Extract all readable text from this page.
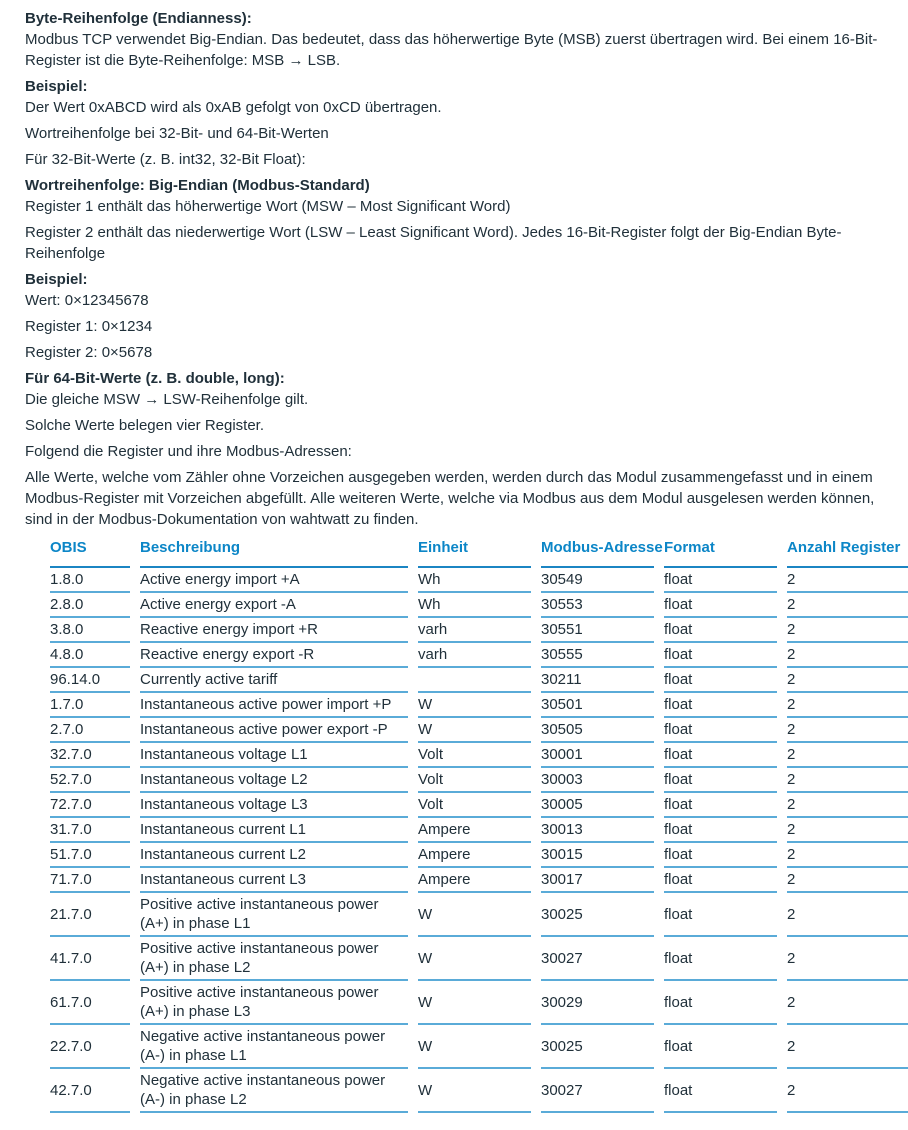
Byte-Reihenfolge (Endianness):
Modbus TCP verwendet Big-Endian. Das bedeutet, dass das höherwertige Byte (MSB) zuerst übertragen wird. Bei einem 16-Bit-Register ist die Byte-Reihenfolge: MSB → LSB.

Beispiel:
Der Wert 0xABCD wird als 0xAB gefolgt von 0xCD übertragen.

Wortreihenfolge bei 32-Bit- und 64-Bit-Werten

Für 32-Bit-Werte (z. B. int32, 32-Bit Float):

Wortreihenfolge: Big-Endian (Modbus-Standard)
Register 1 enthält das höherwertige Wort (MSW – Most Significant Word)

Register 2 enthält das niederwertige Wort (LSW – Least Significant Word). Jedes 16-Bit-Register folgt der Big-Endian Byte-Reihenfolge

Beispiel:
Wert: 0×12345678

Register 1: 0×1234

Register 2: 0×5678

Für 64-Bit-Werte (z. B. double, long):
Die gleiche MSW → LSW-Reihenfolge gilt.

Solche Werte belegen vier Register.

Folgend die Register und ihre Modbus-Adressen:

Alle Werte, welche vom Zähler ohne Vorzeichen ausgegeben werden, werden durch das Modul zusammengefasst und in einem Modbus-Register mit Vorzeichen abgefüllt. Alle weiteren Werte, welche via Modbus aus dem Modul ausgelesen werden können, sind in der Modbus-Dokumentation von wahtwatt zu finden.

OBIS	Beschreibung	Einheit	Modbus-Adresse	Format	Anzahl Register
1.8.0	Active energy import +A	Wh	30549	float	2
2.8.0	Active energy export -A	Wh	30553	float	2
3.8.0	Reactive energy import +R	varh	30551	float	2
4.8.0	Reactive energy export -R	varh	30555	float	2
96.14.0	Currently active tariff		30211	float	2
1.7.0	Instantaneous active power import +P	W	30501	float	2
2.7.0	Instantaneous active power export -P	W	30505	float	2
32.7.0	Instantaneous voltage L1	Volt	30001	float	2
52.7.0	Instantaneous voltage L2	Volt	30003	float	2
72.7.0	Instantaneous voltage L3	Volt	30005	float	2
31.7.0	Instantaneous current L1	Ampere	30013	float	2
51.7.0	Instantaneous current L2	Ampere	30015	float	2
71.7.0	Instantaneous current L3	Ampere	30017	float	2
21.7.0	Positive active instantaneous power (A+) in phase L1	W	30025	float	2
41.7.0	Positive active instantaneous power (A+) in phase L2	W	30027	float	2
61.7.0	Positive active instantaneous power (A+) in phase L3	W	30029	float	2
22.7.0	Negative active instantaneous power (A-) in phase L1	W	30025	float	2
42.7.0	Negative active instantaneous power (A-) in phase L2	W	30027	float	2
